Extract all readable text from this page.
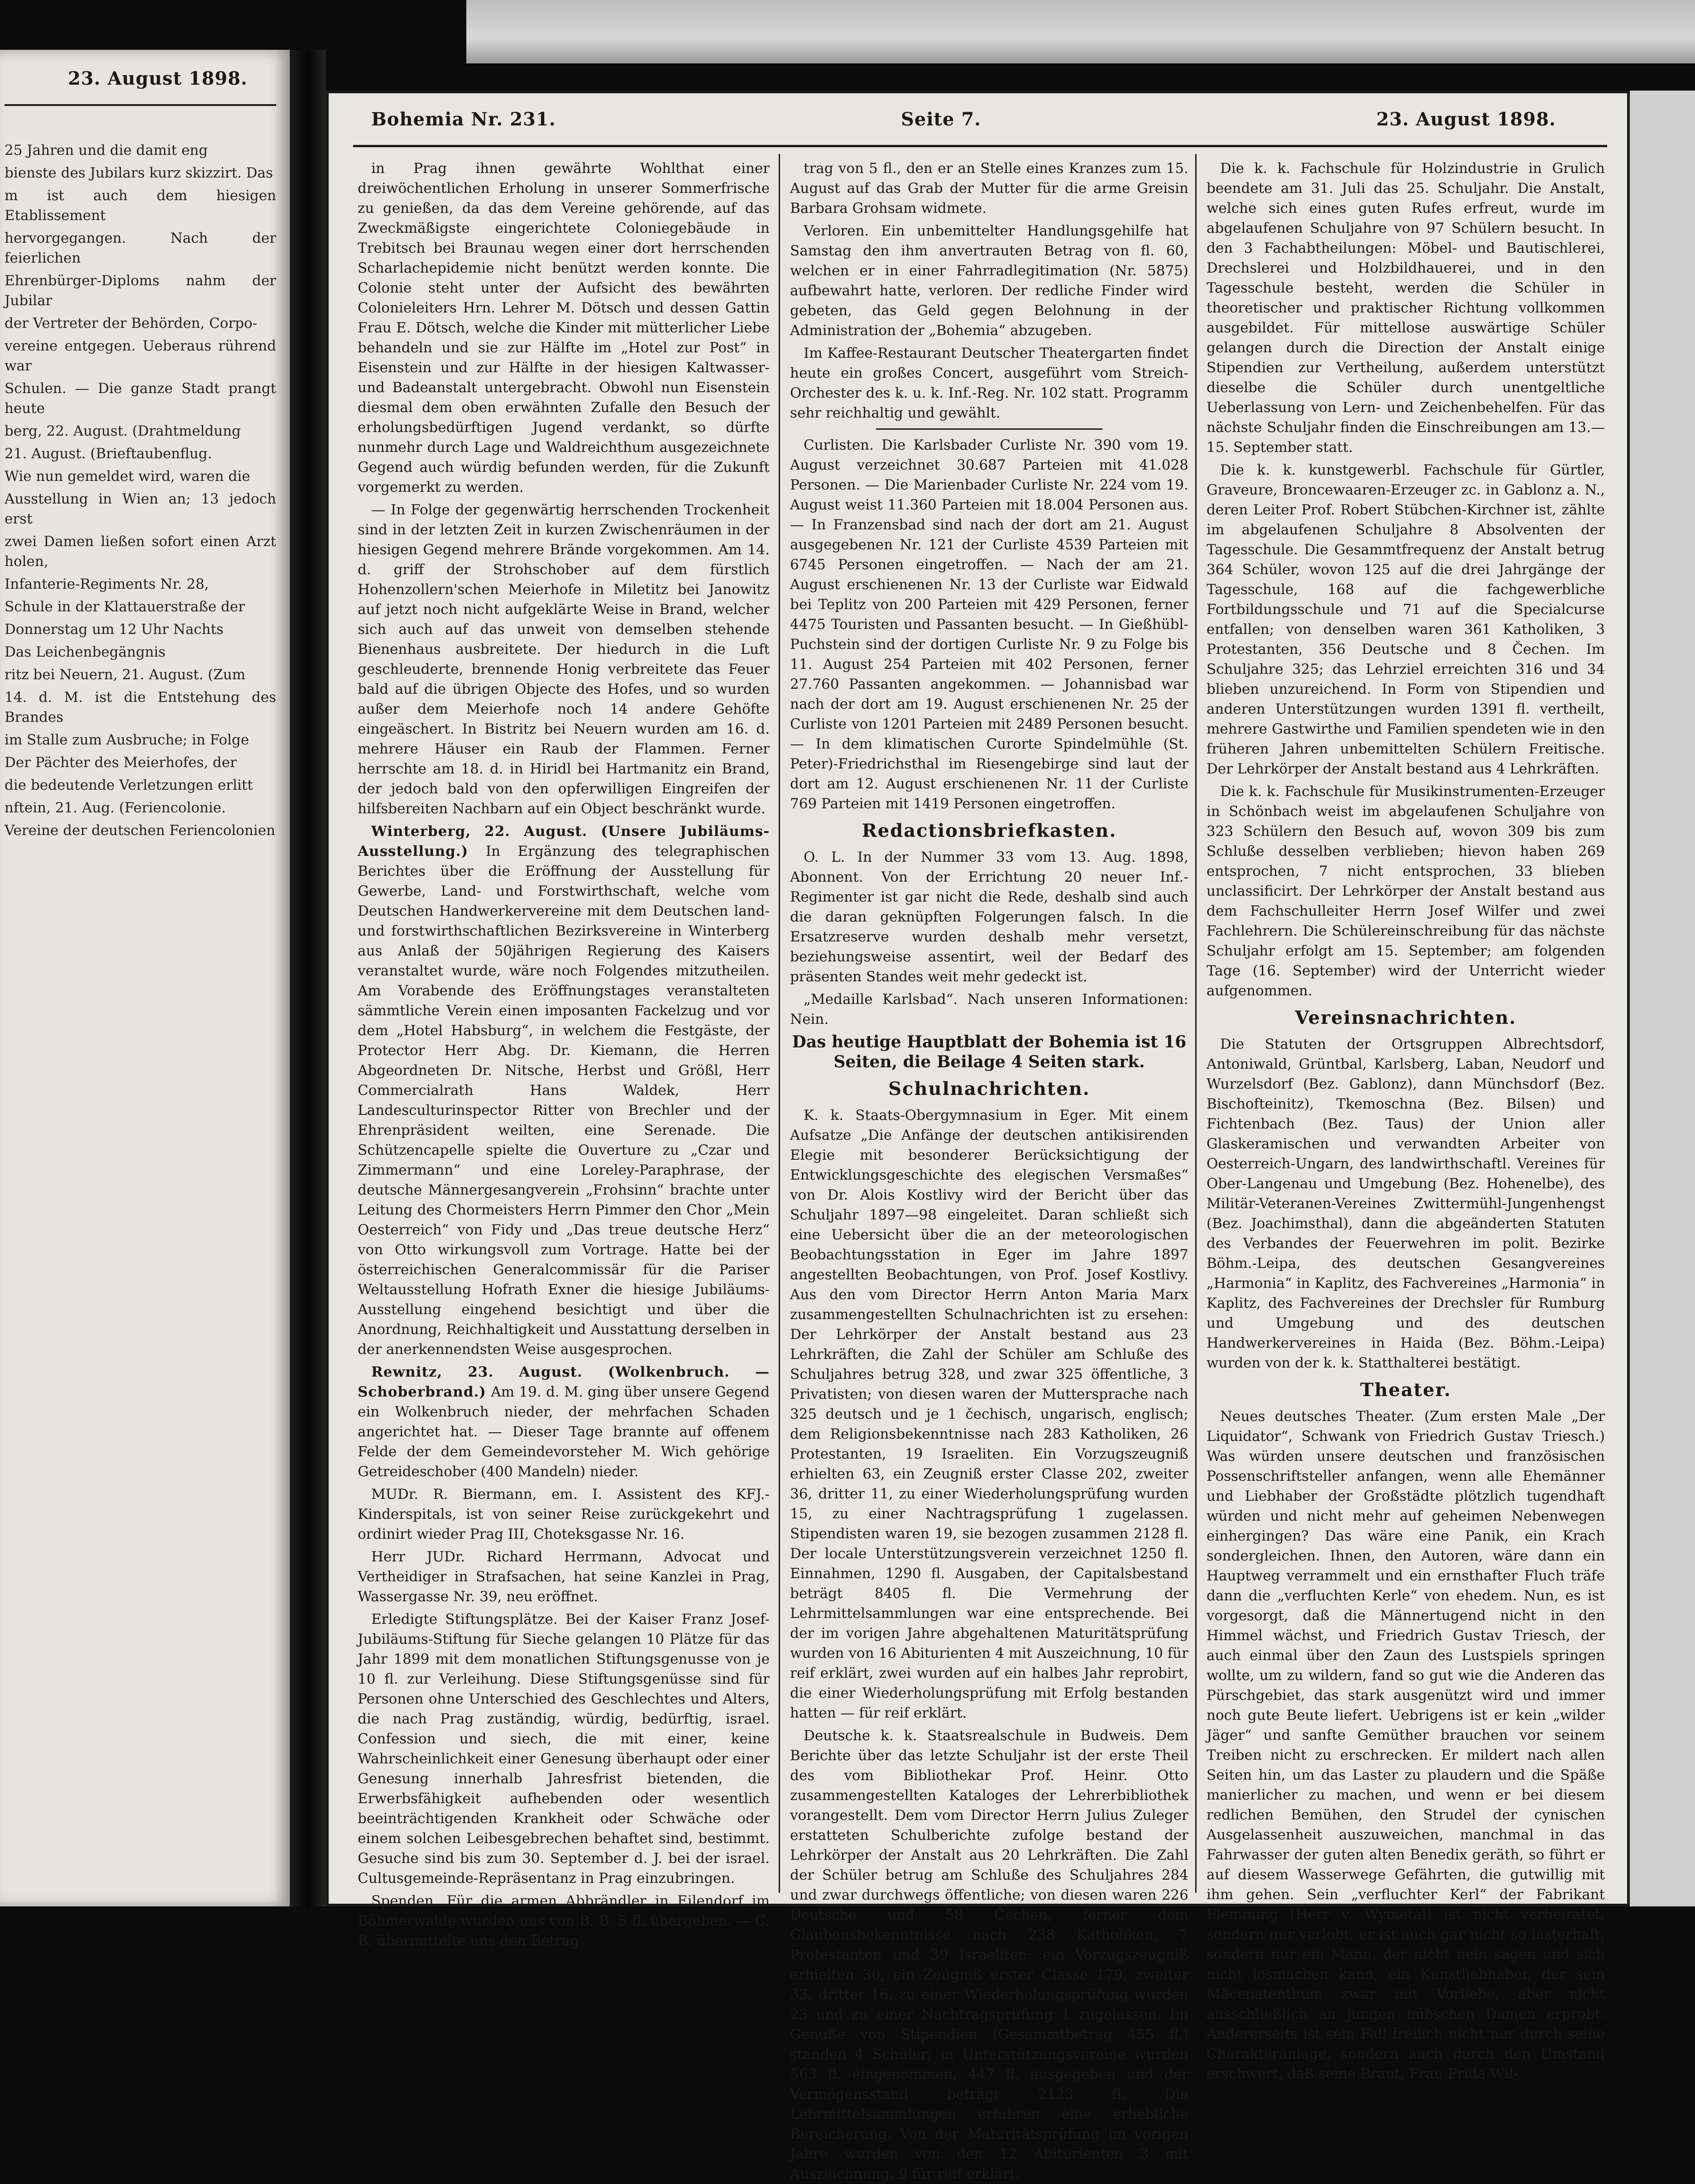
23. August 1898.

25 Jahren und die damit eng

bienste des Jubilars kurz skizzirt. Das

m ist auch dem hiesigen Etablissement

hervorgegangen. Nach der feierlichen

Ehrenbürger-Diploms nahm der Jubilar

der Vertreter der Behörden, Corpo-

vereine entgegen. Ueberaus rührend war

Schulen. — Die ganze Stadt prangt heute

berg, 22. August. (Drahtmeldung

21. August. (Brieftaubenflug.

Wie nun gemeldet wird, waren die

Ausstellung in Wien an; 13 jedoch erst

zwei Damen ließen sofort einen Arzt holen,

Infanterie-Regiments Nr. 28,

Schule in der Klattauerstraße der

Donnerstag um 12 Uhr Nachts

Das Leichenbegängnis

ritz bei Neuern, 21. August. (Zum

14. d. M. ist die Entstehung des Brandes

im Stalle zum Ausbruche; in Folge

Der Pächter des Meierhofes, der

die bedeutende Verletzungen erlitt

nftein, 21. Aug. (Feriencolonie.

Vereine der deutschen Feriencolonien

Bohemia Nr. 231.	Seite 7.	23. August 1898.

in Prag ihnen gewährte Wohlthat einer dreiwöchentlichen Erholung in unserer Sommerfrische zu genießen, da das dem Vereine gehörende, auf das Zweckmäßigste eingerichtete Coloniegebäude in Trebitsch bei Braunau wegen einer dort herrschenden Scharlachepidemie nicht benützt werden konnte. Die Colonie steht unter der Aufsicht des bewährten Colonieleiters Hrn. Lehrer M. Dötsch und dessen Gattin Frau E. Dötsch, welche die Kinder mit mütterlicher Liebe behandeln und sie zur Hälfte im „Hotel zur Post“ in Eisenstein und zur Hälfte in der hiesigen Kaltwasser- und Badeanstalt untergebracht. Obwohl nun Eisenstein diesmal dem oben erwähnten Zufalle den Besuch der erholungsbedürftigen Jugend verdankt, so dürfte nunmehr durch Lage und Waldreichthum ausgezeichnete Gegend auch würdig befunden werden, für die Zukunft vorgemerkt zu werden.

— In Folge der gegenwärtig herrschenden Trockenheit sind in der letzten Zeit in kurzen Zwischenräumen in der hiesigen Gegend mehrere Brände vorgekommen. Am 14. d. griff der Strohschober auf dem fürstlich Hohenzollern'schen Meierhofe in Miletitz bei Janowitz auf jetzt noch nicht aufgeklärte Weise in Brand, welcher sich auch auf das unweit von demselben stehende Bienenhaus ausbreitete. Der hiedurch in die Luft geschleuderte, brennende Honig verbreitete das Feuer bald auf die übrigen Objecte des Hofes, und so wurden außer dem Meierhofe noch 14 andere Gehöfte eingeäschert. In Bistritz bei Neuern wurden am 16. d. mehrere Häuser ein Raub der Flammen. Ferner herrschte am 18. d. in Hiridl bei Hartmanitz ein Brand, der jedoch bald von den opferwilligen Eingreifen der hilfsbereiten Nachbarn auf ein Object beschränkt wurde.

Winterberg, 22. August. (Unsere Jubiläums-Ausstellung.) In Ergänzung des telegraphischen Berichtes über die Eröffnung der Ausstellung für Gewerbe, Land- und Forstwirthschaft, welche vom Deutschen Handwerkervereine mit dem Deutschen land- und forstwirthschaftlichen Bezirksvereine in Winterberg aus Anlaß der 50jährigen Regierung des Kaisers veranstaltet wurde, wäre noch Folgendes mitzutheilen. Am Vorabende des Eröffnungstages veranstalteten sämmtliche Verein einen imposanten Fackelzug und vor dem „Hotel Habsburg“, in welchem die Festgäste, der Protector Herr Abg. Dr. Kiemann, die Herren Abgeordneten Dr. Nitsche, Herbst und Größl, Herr Commercialrath Hans Waldek, Herr Landesculturinspector Ritter von Brechler und der Ehrenpräsident weilten, eine Serenade. Die Schützencapelle spielte die Ouverture zu „Czar und Zimmermann“ und eine Loreley-Paraphrase, der deutsche Männergesangverein „Frohsinn“ brachte unter Leitung des Chormeisters Herrn Pimmer den Chor „Mein Oesterreich“ von Fidy und „Das treue deutsche Herz“ von Otto wirkungsvoll zum Vortrage. Hatte bei der österreichischen Generalcommissär für die Pariser Weltausstellung Hofrath Exner die hiesige Jubiläums-Ausstellung eingehend besichtigt und über die Anordnung, Reichhaltigkeit und Ausstattung derselben in der anerkennendsten Weise ausgesprochen.

Rewnitz, 23. August. (Wolkenbruch. — Schoberbrand.) Am 19. d. M. ging über unsere Gegend ein Wolkenbruch nieder, der mehrfachen Schaden angerichtet hat. — Dieser Tage brannte auf offenem Felde der dem Gemeindevorsteher M. Wich gehörige Getreideschober (400 Mandeln) nieder.

MUDr. R. Biermann, em. I. Assistent des KFJ.-Kinderspitals, ist von seiner Reise zurückgekehrt und ordinirt wieder Prag III, Choteksgasse Nr. 16.

Herr JUDr. Richard Herrmann, Advocat und Vertheidiger in Strafsachen, hat seine Kanzlei in Prag, Wassergasse Nr. 39, neu eröffnet.

Erledigte Stiftungsplätze. Bei der Kaiser Franz Josef-Jubiläums-Stiftung für Sieche gelangen 10 Plätze für das Jahr 1899 mit dem monatlichen Stiftungsgenusse von je 10 fl. zur Verleihung. Diese Stiftungsgenüsse sind für Personen ohne Unterschied des Geschlechtes und Alters, die nach Prag zuständig, würdig, bedürftig, israel. Confession und siech, die mit einer, keine Wahrscheinlichkeit einer Genesung überhaupt oder einer Genesung innerhalb Jahresfrist bietenden, die Erwerbsfähigkeit aufhebenden oder wesentlich beeinträchtigenden Krankheit oder Schwäche oder einem solchen Leibesgebrechen behaftet sind, bestimmt. Gesuche sind bis zum 30. September d. J. bei der israel. Cultusgemeinde-Repräsentanz in Prag einzubringen.

Spenden. Für die armen Abbrändler in Eilendorf im Böhmerwalde wurden uns von B. B. 5 fl. übergeben. — C. B. übermittelte uns den Betrag

trag von 5 fl., den er an Stelle eines Kranzes zum 15. August auf das Grab der Mutter für die arme Greisin Barbara Grohsam widmete.

Verloren. Ein unbemittelter Handlungsgehilfe hat Samstag den ihm anvertrauten Betrag von fl. 60, welchen er in einer Fahrradlegitimation (Nr. 5875) aufbewahrt hatte, verloren. Der redliche Finder wird gebeten, das Geld gegen Belohnung in der Administration der „Bohemia“ abzugeben.

Im Kaffee-Restaurant Deutscher Theatergarten findet heute ein großes Concert, ausgeführt vom Streich-Orchester des k. u. k. Inf.-Reg. Nr. 102 statt. Programm sehr reichhaltig und gewählt.

Curlisten. Die Karlsbader Curliste Nr. 390 vom 19. August verzeichnet 30.687 Parteien mit 41.028 Personen. — Die Marienbader Curliste Nr. 224 vom 19. August weist 11.360 Parteien mit 18.004 Personen aus. — In Franzensbad sind nach der dort am 21. August ausgegebenen Nr. 121 der Curliste 4539 Parteien mit 6745 Personen eingetroffen. — Nach der am 21. August erschienenen Nr. 13 der Curliste war Eidwald bei Teplitz von 200 Parteien mit 429 Personen, ferner 4475 Touristen und Passanten besucht. — In Gießhübl-Puchstein sind der dortigen Curliste Nr. 9 zu Folge bis 11. August 254 Parteien mit 402 Personen, ferner 27.760 Passanten angekommen. — Johannisbad war nach der dort am 19. August erschienenen Nr. 25 der Curliste von 1201 Parteien mit 2489 Personen besucht. — In dem klimatischen Curorte Spindelmühle (St. Peter)-Friedrichsthal im Riesengebirge sind laut der dort am 12. August erschienenen Nr. 11 der Curliste 769 Parteien mit 1419 Personen eingetroffen.

Redactionsbriefkasten.

O. L. In der Nummer 33 vom 13. Aug. 1898, Abonnent. Von der Errichtung 20 neuer Inf.-Regimenter ist gar nicht die Rede, deshalb sind auch die daran geknüpften Folgerungen falsch. In die Ersatzreserve wurden deshalb mehr versetzt, beziehungsweise assentirt, weil der Bedarf des präsenten Standes weit mehr gedeckt ist.

„Medaille Karlsbad“. Nach unseren Informationen: Nein.

Das heutige Hauptblatt der Bohemia ist 16 Seiten, die Beilage 4 Seiten stark.

Schulnachrichten.

K. k. Staats-Obergymnasium in Eger. Mit einem Aufsatze „Die Anfänge der deutschen antikisirenden Elegie mit besonderer Berücksichtigung der Entwicklungsgeschichte des elegischen Versmaßes“ von Dr. Alois Kostlivy wird der Bericht über das Schuljahr 1897—98 eingeleitet. Daran schließt sich eine Uebersicht über die an der meteorologischen Beobachtungsstation in Eger im Jahre 1897 angestellten Beobachtungen, von Prof. Josef Kostlivy. Aus den vom Director Herrn Anton Maria Marx zusammengestellten Schulnachrichten ist zu ersehen: Der Lehrkörper der Anstalt bestand aus 23 Lehrkräften, die Zahl der Schüler am Schluße des Schuljahres betrug 328, und zwar 325 öffentliche, 3 Privatisten; von diesen waren der Muttersprache nach 325 deutsch und je 1 čechisch, ungarisch, englisch; dem Religionsbekenntnisse nach 283 Katholiken, 26 Protestanten, 19 Israeliten. Ein Vorzugszeugniß erhielten 63, ein Zeugniß erster Classe 202, zweiter 36, dritter 11, zu einer Wiederholungsprüfung wurden 15, zu einer Nachtragsprüfung 1 zugelassen. Stipendisten waren 19, sie bezogen zusammen 2128 fl. Der locale Unterstützungsverein verzeichnet 1250 fl. Einnahmen, 1290 fl. Ausgaben, der Capitalsbestand beträgt 8405 fl. Die Vermehrung der Lehrmittelsammlungen war eine entsprechende. Bei der im vorigen Jahre abgehaltenen Maturitätsprüfung wurden von 16 Abiturienten 4 mit Auszeichnung, 10 für reif erklärt, zwei wurden auf ein halbes Jahr reprobirt, die einer Wiederholungsprüfung mit Erfolg bestanden hatten — für reif erklärt.

Deutsche k. k. Staatsrealschule in Budweis. Dem Berichte über das letzte Schuljahr ist der erste Theil des vom Bibliothekar Prof. Heinr. Otto zusammengestellten Kataloges der Lehrerbibliothek vorangestellt. Dem vom Director Herrn Julius Zuleger erstatteten Schulberichte zufolge bestand der Lehrkörper der Anstalt aus 20 Lehrkräften. Die Zahl der Schüler betrug am Schluße des Schuljahres 284 und zwar durchwegs öffentliche; von diesen waren 226 Deutsche und 58 Čechen, ferner dem Glaubensbekenntnisse nach 238 Katholiken, 7 Protestanten und 39 Israeliten; ein Vorzugszeugniß erhielten 30, ein Zeugniß erster Classe 179, zweiter 33, dritter 16, zu einer Wiederholungsprüfung wurden 23 und zu einer Nachtragsprüfung 1 zugelassen. Im Genuße von Stipendien (Gesammtbetrag 455 fl.) standen 4 Schüler; in Unterstützungsvereine wurden 563 fl. eingenommen, 447 fl. ausgegeben und der Vermögensstand beträgt 2123 fl. Die Lehrmittelsammlungen erfuhren eine erhebliche Bereicherung. Von der Maturitätsprüfung im vorigen Jahre wurden von den 12 Abiturienten 3 mit Auszeichnung, 9 für reif erklärt.

Die k. k. Fachschule für Holzindustrie in Grulich beendete am 31. Juli das 25. Schuljahr. Die Anstalt, welche sich eines guten Rufes erfreut, wurde im abgelaufenen Schuljahre von 97 Schülern besucht. In den 3 Fachabtheilungen: Möbel- und Bautischlerei, Drechslerei und Holzbildhauerei, und in den Tagesschule besteht, werden die Schüler in theoretischer und praktischer Richtung vollkommen ausgebildet. Für mittellose auswärtige Schüler gelangen durch die Direction der Anstalt einige Stipendien zur Vertheilung, außerdem unterstützt dieselbe die Schüler durch unentgeltliche Ueberlassung von Lern- und Zeichenbehelfen. Für das nächste Schuljahr finden die Einschreibungen am 13.—15. September statt.

Die k. k. kunstgewerbl. Fachschule für Gürtler, Graveure, Broncewaaren-Erzeuger zc. in Gablonz a. N., deren Leiter Prof. Robert Stübchen-Kirchner ist, zählte im abgelaufenen Schuljahre 8 Absolventen der Tagesschule. Die Gesammtfrequenz der Anstalt betrug 364 Schüler, wovon 125 auf die drei Jahrgänge der Tagesschule, 168 auf die fachgewerbliche Fortbildungsschule und 71 auf die Specialcurse entfallen; von denselben waren 361 Katholiken, 3 Protestanten, 356 Deutsche und 8 Čechen. Im Schuljahre 325; das Lehrziel erreichten 316 und 34 blieben unzureichend. In Form von Stipendien und anderen Unterstützungen wurden 1391 fl. vertheilt, mehrere Gastwirthe und Familien spendeten wie in den früheren Jahren unbemittelten Schülern Freitische. Der Lehrkörper der Anstalt bestand aus 4 Lehrkräften.

Die k. k. Fachschule für Musikinstrumenten-Erzeuger in Schönbach weist im abgelaufenen Schuljahre von 323 Schülern den Besuch auf, wovon 309 bis zum Schluße desselben verblieben; hievon haben 269 entsprochen, 7 nicht entsprochen, 33 blieben unclassificirt. Der Lehrkörper der Anstalt bestand aus dem Fachschulleiter Herrn Josef Wilfer und zwei Fachlehrern. Die Schülereinschreibung für das nächste Schuljahr erfolgt am 15. September; am folgenden Tage (16. September) wird der Unterricht wieder aufgenommen.

Vereinsnachrichten.

Die Statuten der Ortsgruppen Albrechtsdorf, Antoniwald, Grüntbal, Karlsberg, Laban, Neudorf und Wurzelsdorf (Bez. Gablonz), dann Münchsdorf (Bez. Bischofteinitz), Tkemoschna (Bez. Bilsen) und Fichtenbach (Bez. Taus) der Union aller Glaskeramischen und verwandten Arbeiter von Oesterreich-Ungarn, des landwirthschaftl. Vereines für Ober-Langenau und Umgebung (Bez. Hohenelbe), des Militär-Veteranen-Vereines Zwittermühl-Jungenhengst (Bez. Joachimsthal), dann die abgeänderten Statuten des Verbandes der Feuerwehren im polit. Bezirke Böhm.-Leipa, des deutschen Gesangvereines „Harmonia“ in Kaplitz, des Fachvereines „Harmonia“ in Kaplitz, des Fachvereines der Drechsler für Rumburg und Umgebung und des deutschen Handwerkervereines in Haida (Bez. Böhm.-Leipa) wurden von der k. k. Statthalterei bestätigt.

Theater.

Neues deutsches Theater. (Zum ersten Male „Der Liquidator“, Schwank von Friedrich Gustav Triesch.) Was würden unsere deutschen und französischen Possenschriftsteller anfangen, wenn alle Ehemänner und Liebhaber der Großstädte plötzlich tugendhaft würden und nicht mehr auf geheimen Nebenwegen einhergingen? Das wäre eine Panik, ein Krach sondergleichen. Ihnen, den Autoren, wäre dann ein Hauptweg verrammelt und ein ernsthafter Fluch träfe dann die „verfluchten Kerle“ von ehedem. Nun, es ist vorgesorgt, daß die Männertugend nicht in den Himmel wächst, und Friedrich Gustav Triesch, der auch einmal über den Zaun des Lustspiels springen wollte, um zu wildern, fand so gut wie die Anderen das Pürschgebiet, das stark ausgenützt wird und immer noch gute Beute liefert. Uebrigens ist er kein „wilder Jäger“ und sanfte Gemüther brauchen vor seinem Treiben nicht zu erschrecken. Er mildert nach allen Seiten hin, um das Laster zu plaudern und die Späße manierlicher zu machen, und wenn er bei diesem redlichen Bemühen, den Strudel der cynischen Ausgelassenheit auszuweichen, manchmal in das Fahrwasser der guten alten Benedix geräth, so führt er auf diesem Wasserwege Gefährten, die gutwillig mit ihm gehen. Sein „verfluchter Kerl“ der Fabrikant Flemming (Herr v. Wymetal) ist nicht verheiratet, sondern nur verlobt, er ist auch gar nicht so lasterhaft, sondern nur ein Mann, der nicht nein sagen und sich nicht losmachen kann, ein Kunstliebhaber, der sein Mäcenatenthum zwar mit Vorliebe, aber nicht ausschließlich an jungen hübschen Damen erprobt. Andererseits ist sein Fall freilich nicht nur durch seine Charakteranlage, sondern auch durch den Umstand erschwert, daß seine Braut, Frau Frida Wil-
